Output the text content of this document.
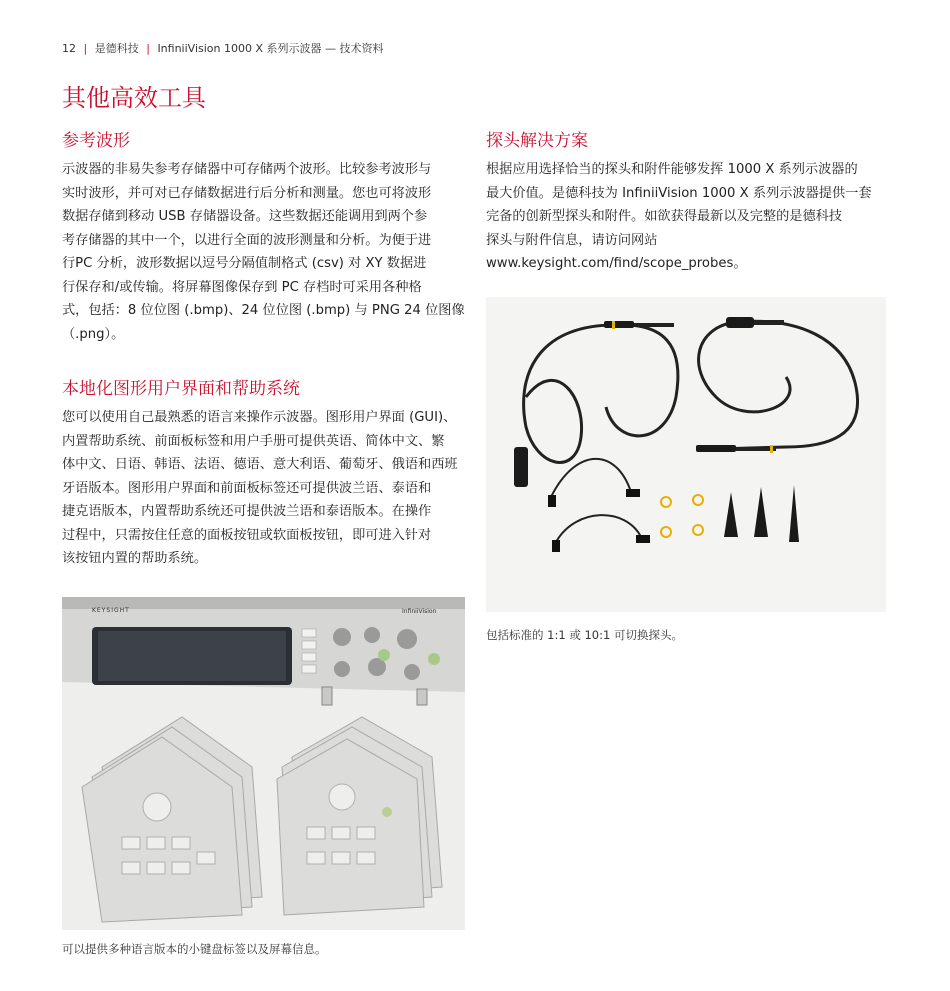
12 | 是德科技 | InfiniiVision 1000 X 系列示波器 — 技术资料
其他高效工具
参考波形
示波器的非易失参考存储器中可存储两个波形。比较参考波形与
实时波形，并可对已存储数据进行后分析和测量。您也可将波形
数据存储到移动 USB 存储器设备。这些数据还能调用到两个参
考存储器的其中一个，以进行全面的波形测量和分析。为便于进
行PC 分析，波形数据以逗号分隔值制格式 (csv) 对 XY 数据进
行保存和/或传输。将屏幕图像保存到 PC 存档时可采用各种格
式，包括：8 位位图 (.bmp)、24 位位图 (.bmp) 与 PNG 24 位图像
（.png）。
本地化图形用户界面和帮助系统
您可以使用自己最熟悉的语言来操作示波器。图形用户界面 (GUI)、
内置帮助系统、前面板标签和用户手册可提供英语、简体中文、繁
体中文、日语、韩语、法语、德语、意大利语、葡萄牙、俄语和西班
牙语版本。图形用户界面和前面板标签还可提供波兰语、泰语和
捷克语版本，内置帮助系统还可提供波兰语和泰语版本。在操作
过程中，只需按住任意的面板按钮或软面板按钮，即可进入针对
该按钮内置的帮助系统。
KEYSIGHT	InfiniiVision
可以提供多种语言版本的小键盘标签以及屏幕信息。
探头解决方案
根据应用选择恰当的探头和附件能够发挥 1000 X 系列示波器的
最大价值。是德科技为 InfiniiVision 1000 X 系列示波器提供一套
完备的创新型探头和附件。如欲获得最新以及完整的是德科技
探头与附件信息，请访问网站
www.keysight.com/find/scope_probes。
包括标准的 1:1 或 10:1 可切换探头。
